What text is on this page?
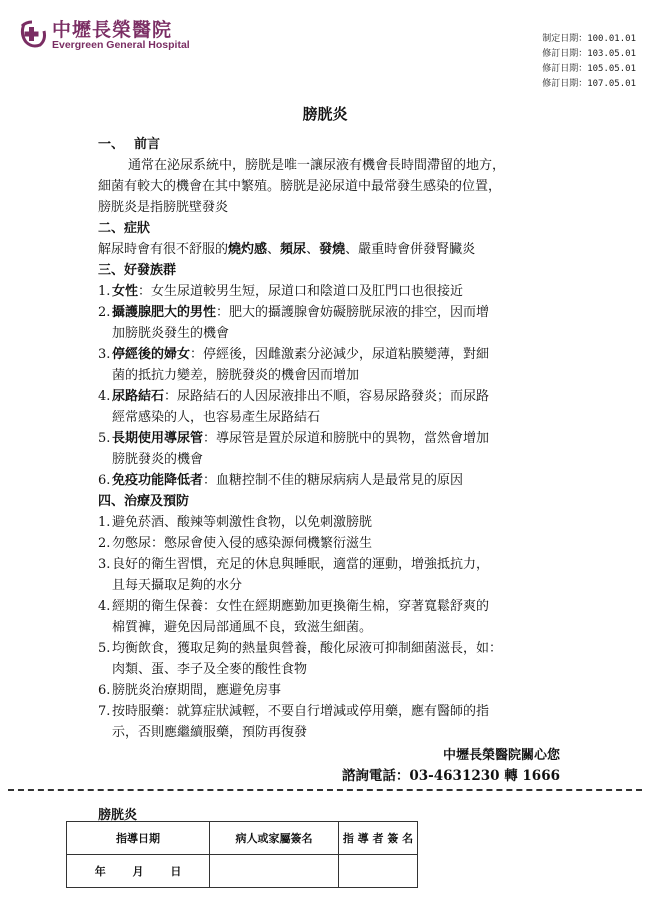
中壢長榮醫院
Evergreen General Hospital	制定日期：100.01.01
修訂日期：103.05.01
修訂日期：105.05.01
修訂日期：107.05.01
膀胱炎
一、 前言
通常在泌尿系統中，膀胱是唯一讓尿液有機會長時間滯留的地方，
細菌有較大的機會在其中繁殖。膀胱是泌尿道中最常發生感染的位置，
膀胱炎是指膀胱壁發炎
二、症狀
解尿時會有很不舒服的燒灼感、頻尿、發燒、嚴重時會併發腎臟炎
三、好發族群
1. 女性：女生尿道較男生短，尿道口和陰道口及肛門口也很接近
2. 攝護腺肥大的男性：肥大的攝護腺會妨礙膀胱尿液的排空，因而增
加膀胱炎發生的機會
3. 停經後的婦女：停經後，因雌激素分泌減少，尿道粘膜變薄，對細
菌的抵抗力變差，膀胱發炎的機會因而增加
4. 尿路結石：尿路結石的人因尿液排出不順，容易尿路發炎；而尿路
經常感染的人，也容易產生尿路結石
5. 長期使用導尿管：導尿管是置於尿道和膀胱中的異物，當然會增加
膀胱發炎的機會
6. 免疫功能降低者：血糖控制不佳的糖尿病病人是最常見的原因
四、治療及預防
1. 避免菸酒、酸辣等刺激性食物，以免刺激膀胱
2. 勿憋尿：憋尿會使入侵的感染源伺機繁衍滋生
3. 良好的衛生習慣，充足的休息與睡眠，適當的運動，增強抵抗力，
且每天攝取足夠的水分
4. 經期的衛生保養：女性在經期應勤加更換衛生棉，穿著寬鬆舒爽的
棉質褲，避免因局部通風不良，致滋生細菌。
5. 均衡飲食，獲取足夠的熱量與營養，酸化尿液可抑制細菌滋長，如：
肉類、蛋、李子及全麥的酸性食物
6. 膀胱炎治療期間，應避免房事
7. 按時服藥：就算症狀減輕，不要自行增減或停用藥，應有醫師的指
示，否則應繼續服藥，預防再復發
中壢長榮醫院關心您
諮詢電話：03-4631230 轉 1666
膀胱炎
指導日期	病人或家屬簽名	指 導 者 簽 名
年 月 日		
